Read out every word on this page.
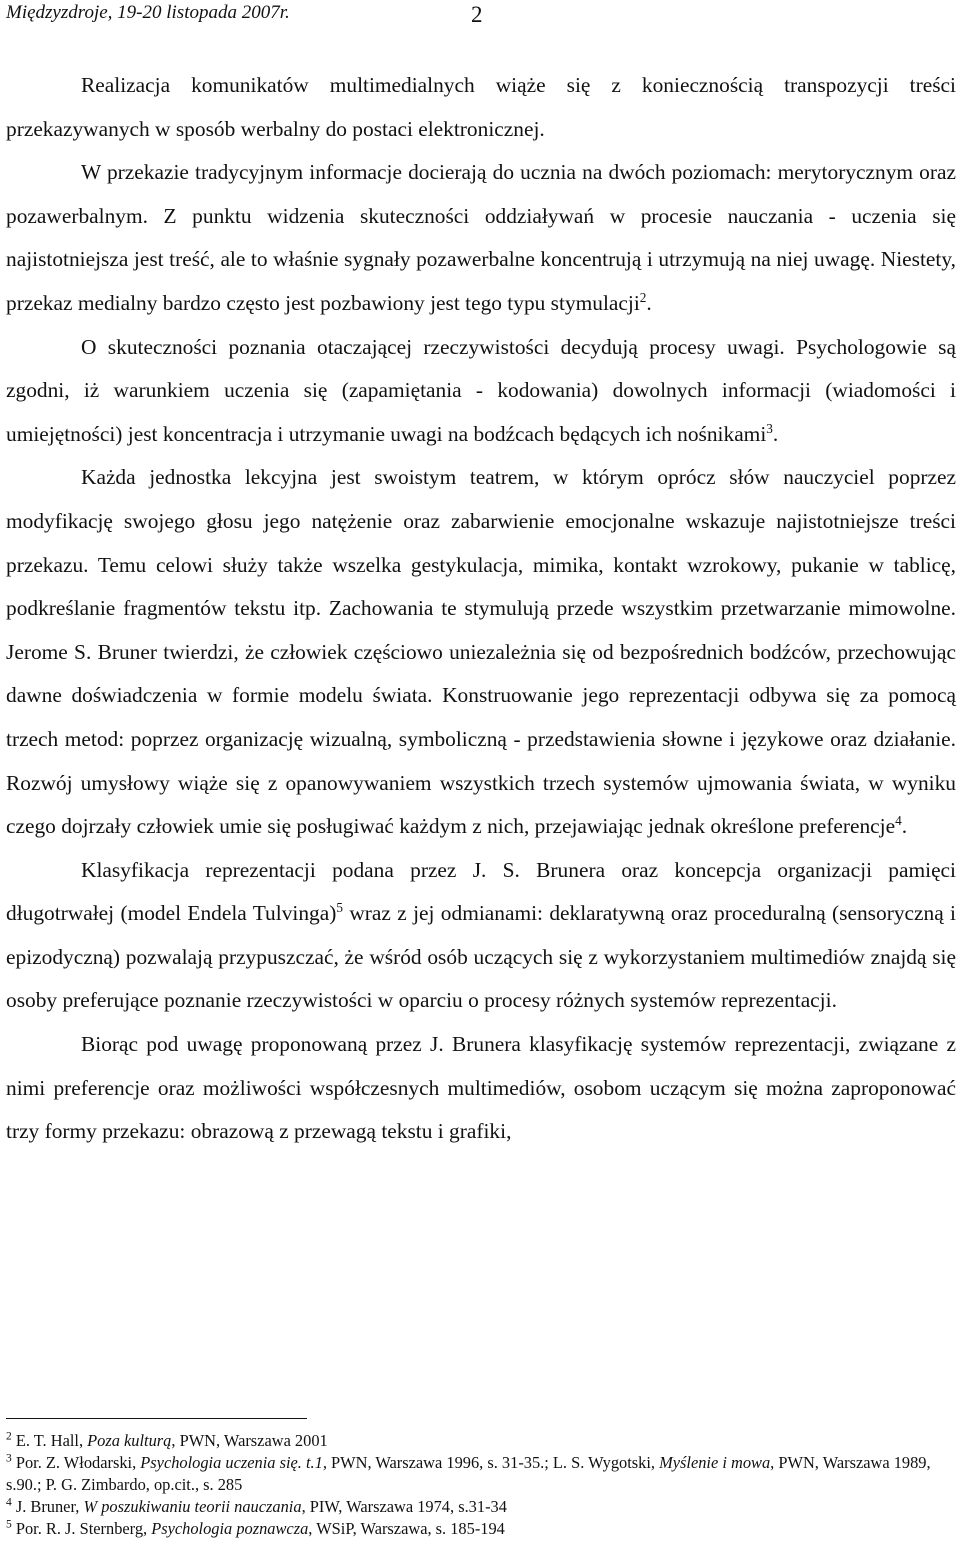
Międzyzdroje, 19-20 listopada 2007r.	2

Realizacja komunikatów multimedialnych wiąże się z koniecznością transpozycji treści przekazywanych w sposób werbalny do postaci elektronicznej.

W przekazie tradycyjnym informacje docierają do ucznia na dwóch poziomach: merytorycznym oraz pozawerbalnym. Z punktu widzenia skuteczności oddziaływań w procesie nauczania - uczenia się najistotniejsza jest treść, ale to właśnie sygnały pozawerbalne koncentrują i utrzymują na niej uwagę. Niestety, przekaz medialny bardzo często jest pozbawiony jest tego typu stymulacji$^2$.

O skuteczności poznania otaczającej rzeczywistości decydują procesy uwagi. Psychologowie są zgodni, iż warunkiem uczenia się (zapamiętania - kodowania) dowolnych informacji (wiadomości i umiejętności) jest koncentracja i utrzymanie uwagi na bodźcach będących ich nośnikami$^3$.

Każda jednostka lekcyjna jest swoistym teatrem, w którym oprócz słów nauczyciel poprzez modyfikację swojego głosu jego natężenie oraz zabarwienie emocjonalne wskazuje najistotniejsze treści przekazu. Temu celowi służy także wszelka gestykulacja, mimika, kontakt wzrokowy, pukanie w tablicę, podkreślanie fragmentów tekstu itp. Zachowania te stymulują przede wszystkim przetwarzanie mimowolne. Jerome S. Bruner twierdzi, że człowiek częściowo uniezależnia się od bezpośrednich bodźców, przechowując dawne doświadczenia w formie modelu świata. Konstruowanie jego reprezentacji odbywa się za pomocą trzech metod: poprzez organizację wizualną, symboliczną - przedstawienia słowne i językowe oraz działanie. Rozwój umysłowy wiąże się z opanowywaniem wszystkich trzech systemów ujmowania świata, w wyniku czego dojrzały człowiek umie się posługiwać każdym z nich, przejawiając jednak określone preferencje$^4$.

Klasyfikacja reprezentacji podana przez J. S. Brunera oraz koncepcja organizacji pamięci długotrwałej (model Endela Tulvinga)$^5$ wraz z jej odmianami: deklaratywną oraz proceduralną (sensoryczną i epizodyczną) pozwalają przypuszczać, że wśród osób uczących się z wykorzystaniem multimediów znajdą się osoby preferujące poznanie rzeczywistości w oparciu o procesy różnych systemów reprezentacji.

Biorąc pod uwagę proponowaną przez J. Brunera klasyfikację systemów reprezentacji, związane z nimi preferencje oraz możliwości współczesnych multimediów, osobom uczącym się można zaproponować trzy formy przekazu: obrazową z przewagą tekstu i grafiki,

$^2$ E. T. Hall, Poza kulturą, PWN, Warszawa 2001
$^3$ Por. Z. Włodarski, Psychologia uczenia się. t.1, PWN, Warszawa 1996, s. 31-35.; L. S. Wygotski, Myślenie i mowa, PWN, Warszawa 1989, s.90.; P. G. Zimbardo, op.cit., s. 285
$^4$ J. Bruner, W poszukiwaniu teorii nauczania, PIW, Warszawa 1974, s.31-34
$^5$ Por. R. J. Sternberg, Psychologia poznawcza, WSiP, Warszawa, s. 185-194
